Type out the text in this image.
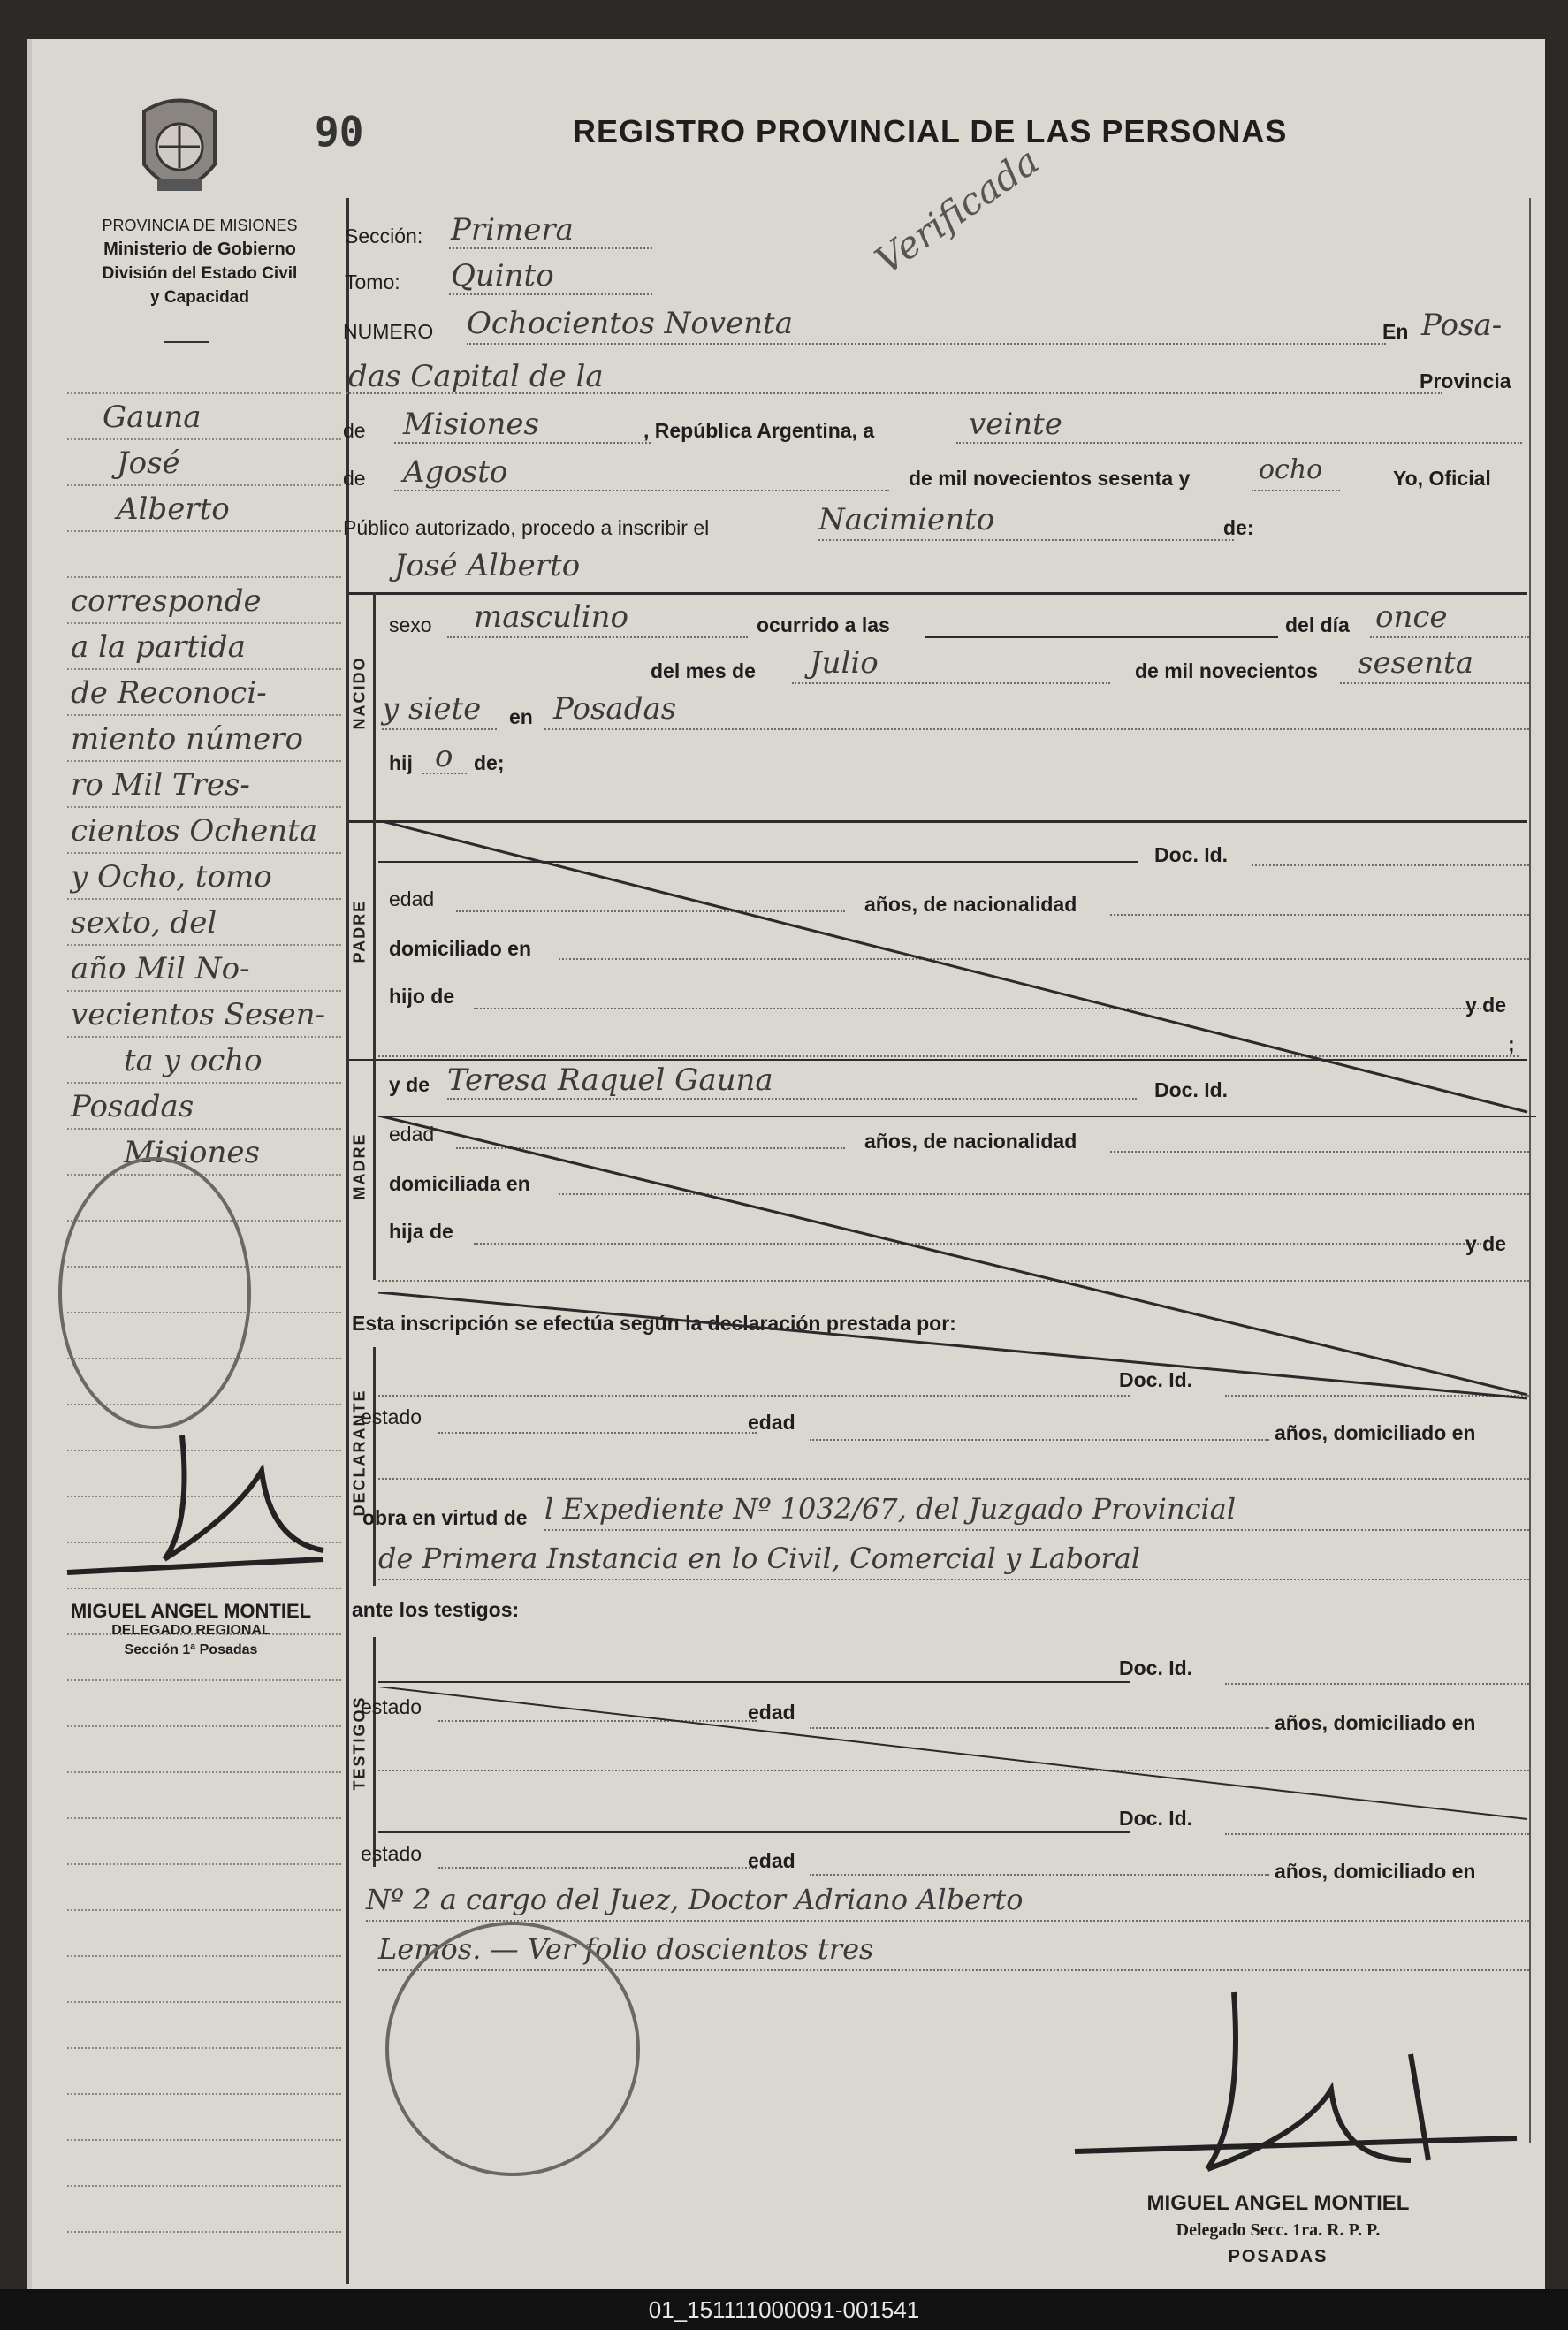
PROVINCIA DE MISIONES
Ministerio de Gobierno
División del Estado Civil
y Capacidad
90	REGISTRO PROVINCIAL DE LAS PERSONAS
Verificada
Gauna
José
Alberto
corresponde
a la partida
de Reconoci-
miento número
ro Mil Tres-
cientos Ochenta
y Ocho, tomo
sexto, del
año Mil No-
vecientos Sesen-
ta y ocho
Posadas
Misiones
MIGUEL ANGEL MONTIEL
DELEGADO REGIONAL
Sección 1ª Posadas
Sección: Primera
Tomo: Quinto
NUMERO Ochocientos Noventa	En Posa-
das Capital de la	Provincia
de Misiones	, República Argentina, a	veinte
de Agosto	de mil novecientos sesenta y	ocho	Yo, Oficial
Público autorizado, procedo a inscribir el	Nacimiento	de:
José Alberto
NACIDO
sexo masculino	ocurrido a las	del día once
del mes de Julio	de mil novecientos sesenta
y siete en Posadas
hij o de;
PADRE
Doc. Id.
edad	años, de nacionalidad
domiciliado en
hijo de	y de
;
MADRE
y de Teresa Raquel Gauna	Doc. Id.
edad	años, de nacionalidad
domiciliada en
hija de
y de
Esta inscripción se efectúa según la declaración prestada por:
DECLARANTE
Doc. Id.
estado	edad	años, domiciliado en
obra en virtud de l Expediente Nº 1032/67, del Juzgado Provincial
de Primera Instancia en lo Civil, Comercial y Laboral
ante los testigos:
TESTIGOS
Doc. Id.
estado	edad	años, domiciliado en
Doc. Id.
estado	edad	años, domiciliado en
Nº 2 a cargo del Juez, Doctor Adriano Alberto
Lemos. — Ver folio doscientos tres
MIGUEL ANGEL MONTIEL
Delegado Secc. 1ra. R. P. P.
POSADAS
01_151111000091-001541
